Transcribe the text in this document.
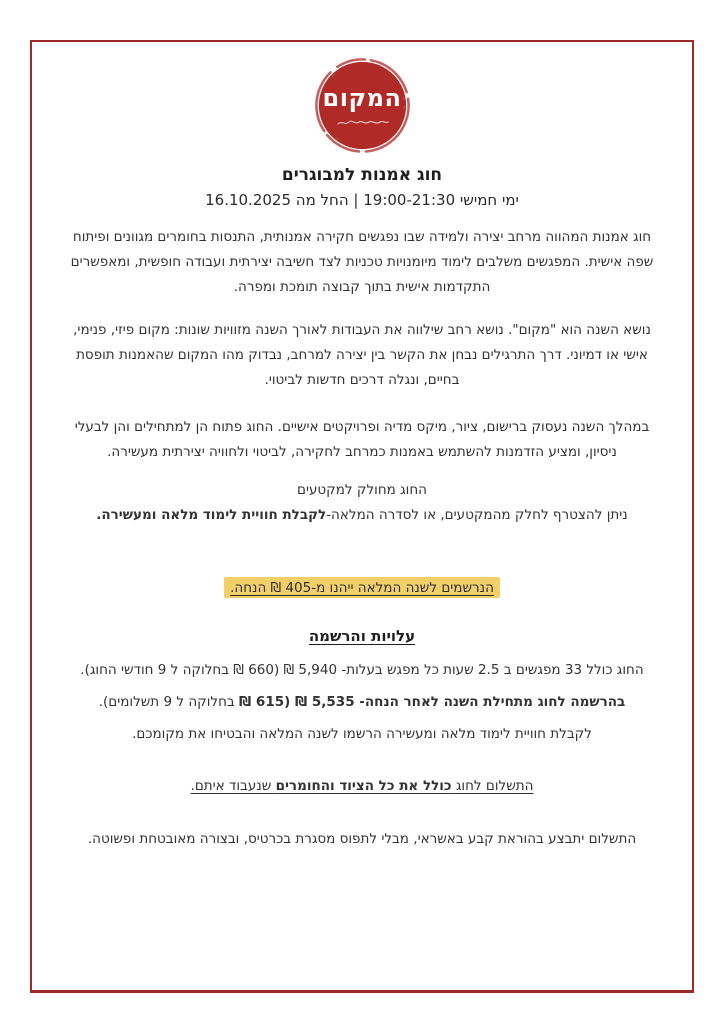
המקום
חוג אמנות למבוגרים
ימי חמישי 19:00-21:30 | החל מה 16.10.2025

חוג אמנות המהווה מרחב יצירה ולמידה שבו נפגשים חקירה אמנותית, התנסות בחומרים מגוונים ופיתוח שפה אישית. המפגשים משלבים לימוד מיומנויות טכניות לצד חשיבה יצירתית ועבודה חופשית, ומאפשרים התקדמות אישית בתוך קבוצה תומכת ומפרה.

נושא השנה הוא "מקום". נושא רחב שילווה את העבודות לאורך השנה מזוויות שונות: מקום פיזי, פנימי, אישי או דמיוני. דרך התרגילים נבחן את הקשר בין יצירה למרחב, נבדוק מהו המקום שהאמנות תופסת בחיים, ונגלה דרכים חדשות לביטוי.

במהלך השנה נעסוק ברישום, ציור, מיקס מדיה ופרויקטים אישיים. החוג פתוח הן למתחילים והן לבעלי ניסיון, ומציע הזדמנות להשתמש באמנות כמרחב לחקירה, לביטוי ולחוויה יצירתית מעשירה.

החוג מחולק למקטעים

ניתן להצטרף לחלק מהמקטעים, או לסדרה המלאה-לקבלת חוויית לימוד מלאה ומעשירה.

הנרשמים לשנה המלאה ייהנו מ-405 ₪ הנחה.
עלויות והרשמה

החוג כולל 33 מפגשים ב 2.5 שעות כל מפגש בעלות- 5,940 ₪ (660 ₪ בחלוקה ל 9 חודשי החוג).

בהרשמה לחוג מתחילת השנה לאחר הנחה- 5,535 ₪ (615 ₪ בחלוקה ל 9 תשלומים).

לקבלת חוויית לימוד מלאה ומעשירה הרשמו לשנה המלאה והבטיחו את מקומכם.

התשלום לחוג כולל את כל הציוד והחומרים שנעבוד איתם.

התשלום יתבצע בהוראת קבע באשראי, מבלי לתפוס מסגרת בכרטיס, ובצורה מאובטחת ופשוטה.
